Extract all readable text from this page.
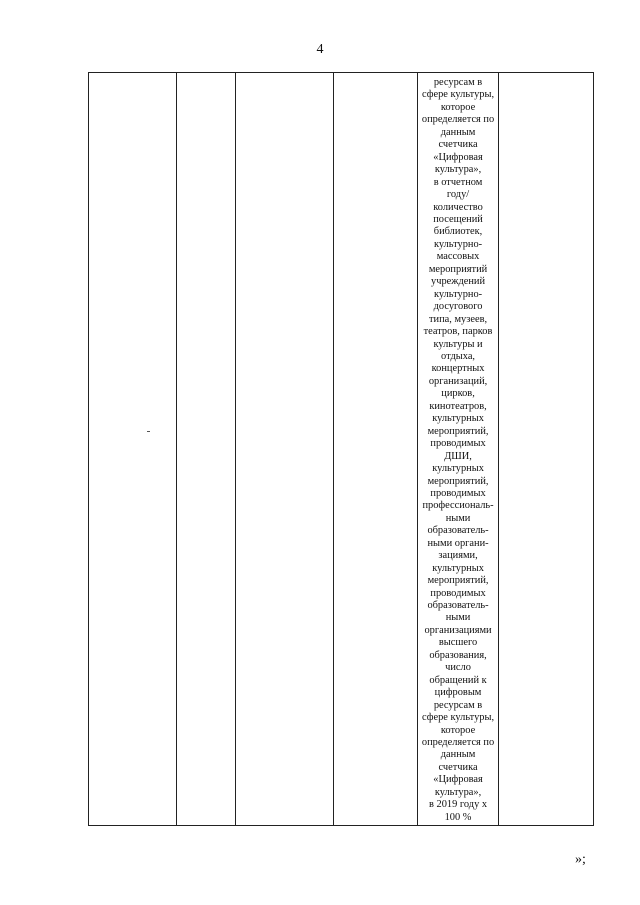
4
ресурсам в
сфере культуры,
которое
определяется по
данным
счетчика
«Цифровая
культура»,
в отчетном
году/
количество
посещений
библиотек,
культурно-
массовых
мероприятий
учреждений
культурно-
досугового
типа, музеев,
театров, парков
культуры и
отдыха,
концертных
организаций,
цирков,
кинотеатров,
культурных
мероприятий,
проводимых
ДШИ,
культурных
мероприятий,
проводимых
профессиональ-
ными
образователь-
ными органи-
зациями,
культурных
мероприятий,
проводимых
образователь-
ными
организациями
высшего
образования,
число
обращений к
цифровым
ресурсам в
сфере культуры,
которое
определяется по
данным
счетчика
«Цифровая
культура»,
в 2019 году х
100 %
»;
